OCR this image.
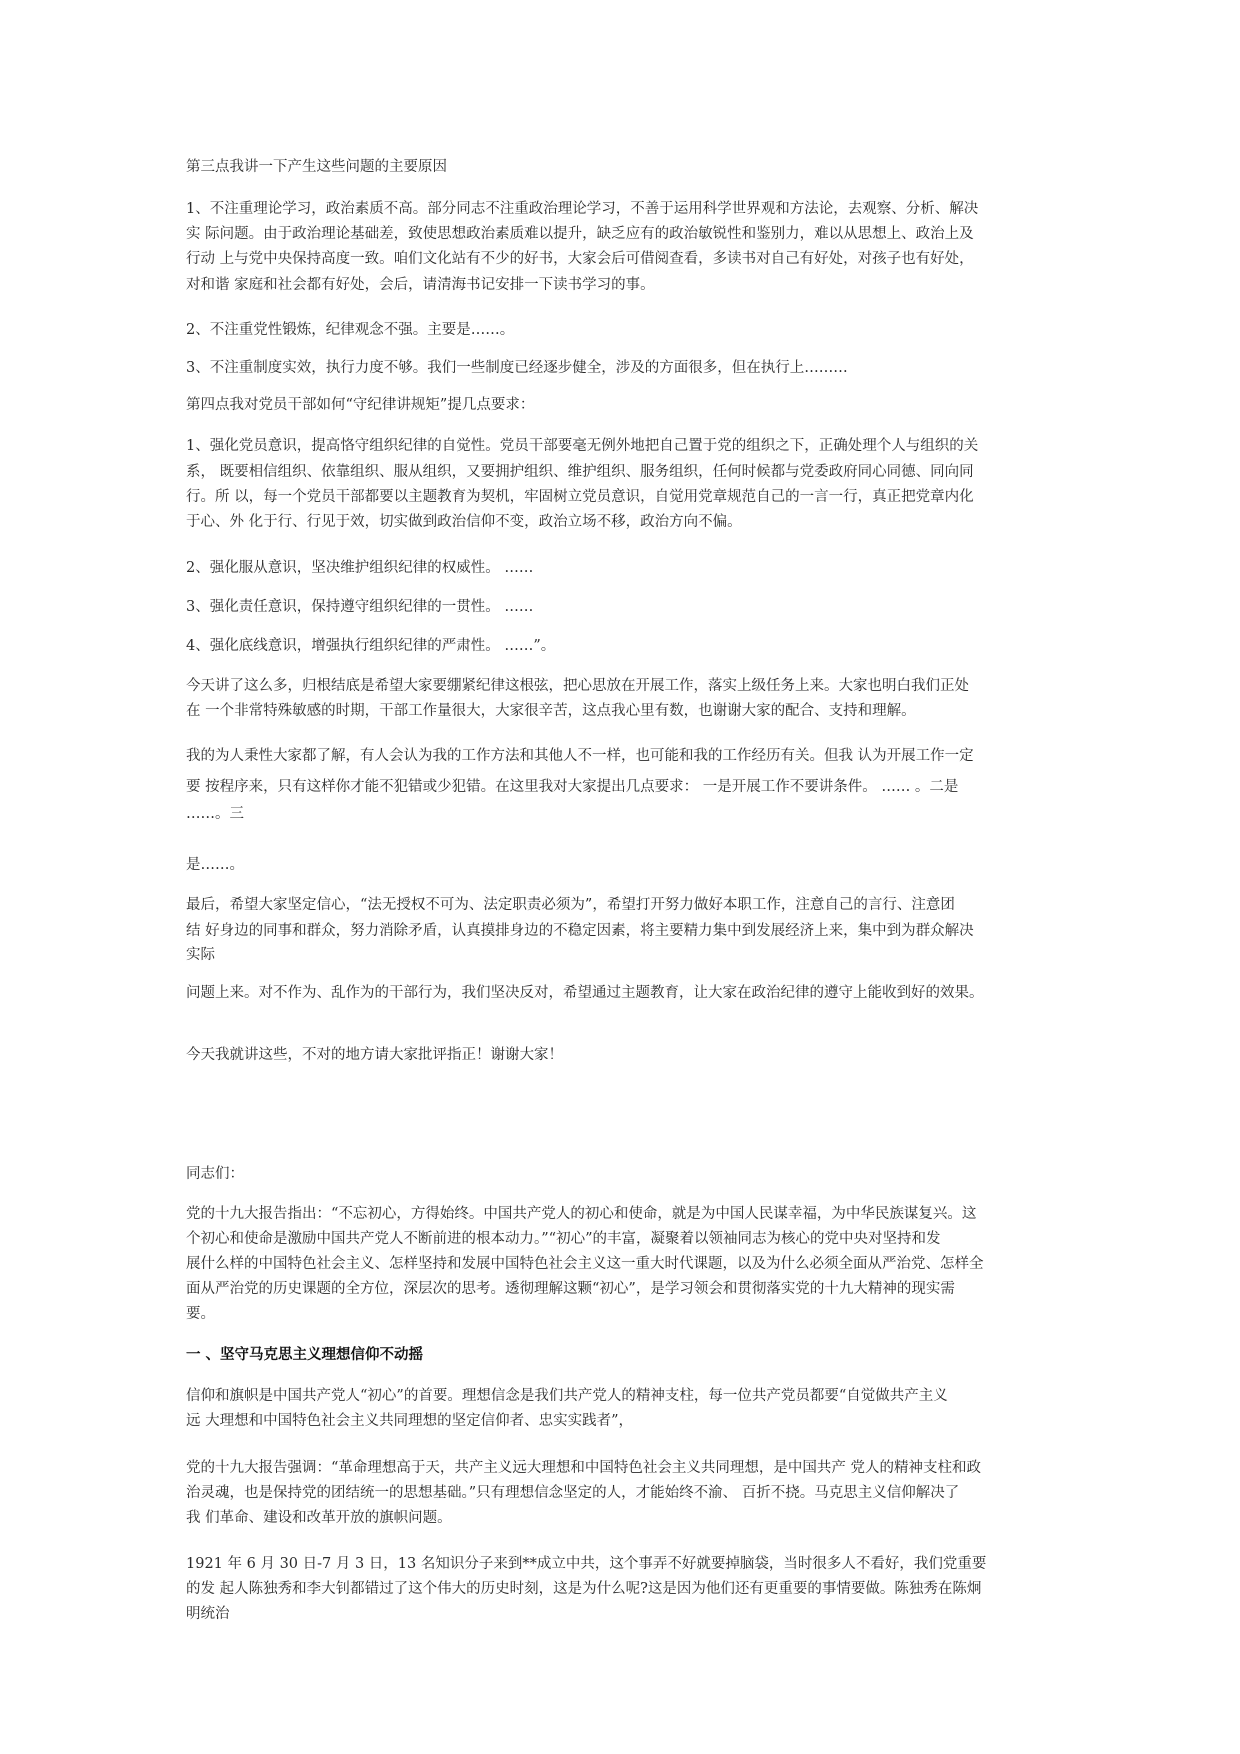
第三点我讲一下产生这些问题的主要原因
1、不注重理论学习，政治素质不高。部分同志不注重政治理论学习，不善于运用科学世界观和方法论，去观察、分析、解决
实 际问题。由于政治理论基础差，致使思想政治素质难以提升，缺乏应有的政治敏锐性和鉴别力，难以从思想上、政治上及
行动 上与党中央保持高度一致。咱们文化站有不少的好书，大家会后可借阅查看，多读书对自己有好处，对孩子也有好处，
对和谐 家庭和社会都有好处，会后，请清海书记安排一下读书学习的事。
2、不注重党性锻炼，纪律观念不强。主要是……。
3、不注重制度实效，执行力度不够。我们一些制度已经逐步健全，涉及的方面很多，但在执行上………
第四点我对党员干部如何“守纪律讲规矩”提几点要求：
1、强化党员意识，提高恪守组织纪律的自觉性。党员干部要毫无例外地把自己置于党的组织之下，正确处理个人与组织的关
系， 既要相信组织、依靠组织、服从组织，又要拥护组织、维护组织、服务组织，任何时候都与党委政府同心同德、同向同
行。所 以，每一个党员干部都要以主题教育为契机，牢固树立党员意识，自觉用党章规范自己的一言一行，真正把党章内化
于心、外 化于行、行见于效，切实做到政治信仰不变，政治立场不移，政治方向不偏。
2、强化服从意识，坚决维护组织纪律的权威性。 ……
3、强化责任意识，保持遵守组织纪律的一贯性。 ……
4、强化底线意识，增强执行组织纪律的严肃性。 ……”。
今天讲了这么多，归根结底是希望大家要绷紧纪律这根弦，把心思放在开展工作，落实上级任务上来。大家也明白我们正处
在 一个非常特殊敏感的时期，干部工作量很大，大家很辛苦，这点我心里有数，也谢谢大家的配合、支持和理解。
我的为人秉性大家都了解，有人会认为我的工作方法和其他人不一样，也可能和我的工作经历有关。但我 认为开展工作一定
要 按程序来，只有这样你才能不犯错或少犯错。在这里我对大家提出几点要求： 一是开展工作不要讲条件。 …… 。二是
……。三
是……。
最后，希望大家坚定信心，“法无授权不可为、法定职责必须为”，希望打开努力做好本职工作，注意自己的言行、注意团
结 好身边的同事和群众，努力消除矛盾，认真摸排身边的不稳定因素，将主要精力集中到发展经济上来，集中到为群众解决
实际
问题上来。对不作为、乱作为的干部行为，我们坚决反对，希望通过主题教育，让大家在政治纪律的遵守上能收到好的效果。
今天我就讲这些，不对的地方请大家批评指正！谢谢大家！
同志们：
党的十九大报告指出：“不忘初心，方得始终。中国共产党人的初心和使命，就是为中国人民谋幸福，为中华民族谋复兴。这
个初心和使命是激励中国共产党人不断前进的根本动力。”“初心”的丰富，凝聚着以领袖同志为核心的党中央对坚持和发
展什么样的中国特色社会主义、怎样坚持和发展中国特色社会主义这一重大时代课题，以及为什么必须全面从严治党、怎样全
面从严治党的历史课题的全方位，深层次的思考。透彻理解这颗“初心”，是学习领会和贯彻落实党的十九大精神的现实需
要。
一 、坚守马克思主义理想信仰不动摇
信仰和旗帜是中国共产党人“初心”的首要。理想信念是我们共产党人的精神支柱，每一位共产党员都要“自觉做共产主义
远 大理想和中国特色社会主义共同理想的坚定信仰者、忠实实践者”，
党的十九大报告强调：“革命理想高于天，共产主义远大理想和中国特色社会主义共同理想，是中国共产 党人的精神支柱和政
治灵魂，也是保持党的团结统一的思想基础。”只有理想信念坚定的人，才能始终不渝、 百折不挠。马克思主义信仰解决了
我 们革命、建设和改革开放的旗帜问题。
1921 年 6 月 30 日-7 月 3 日，13 名知识分子来到**成立中共，这个事弄不好就要掉脑袋，当时很多人不看好，我们党重要
的发 起人陈独秀和李大钊都错过了这个伟大的历史时刻，这是为什么呢?这是因为他们还有更重要的事情要做。陈独秀在陈炯
明统治
